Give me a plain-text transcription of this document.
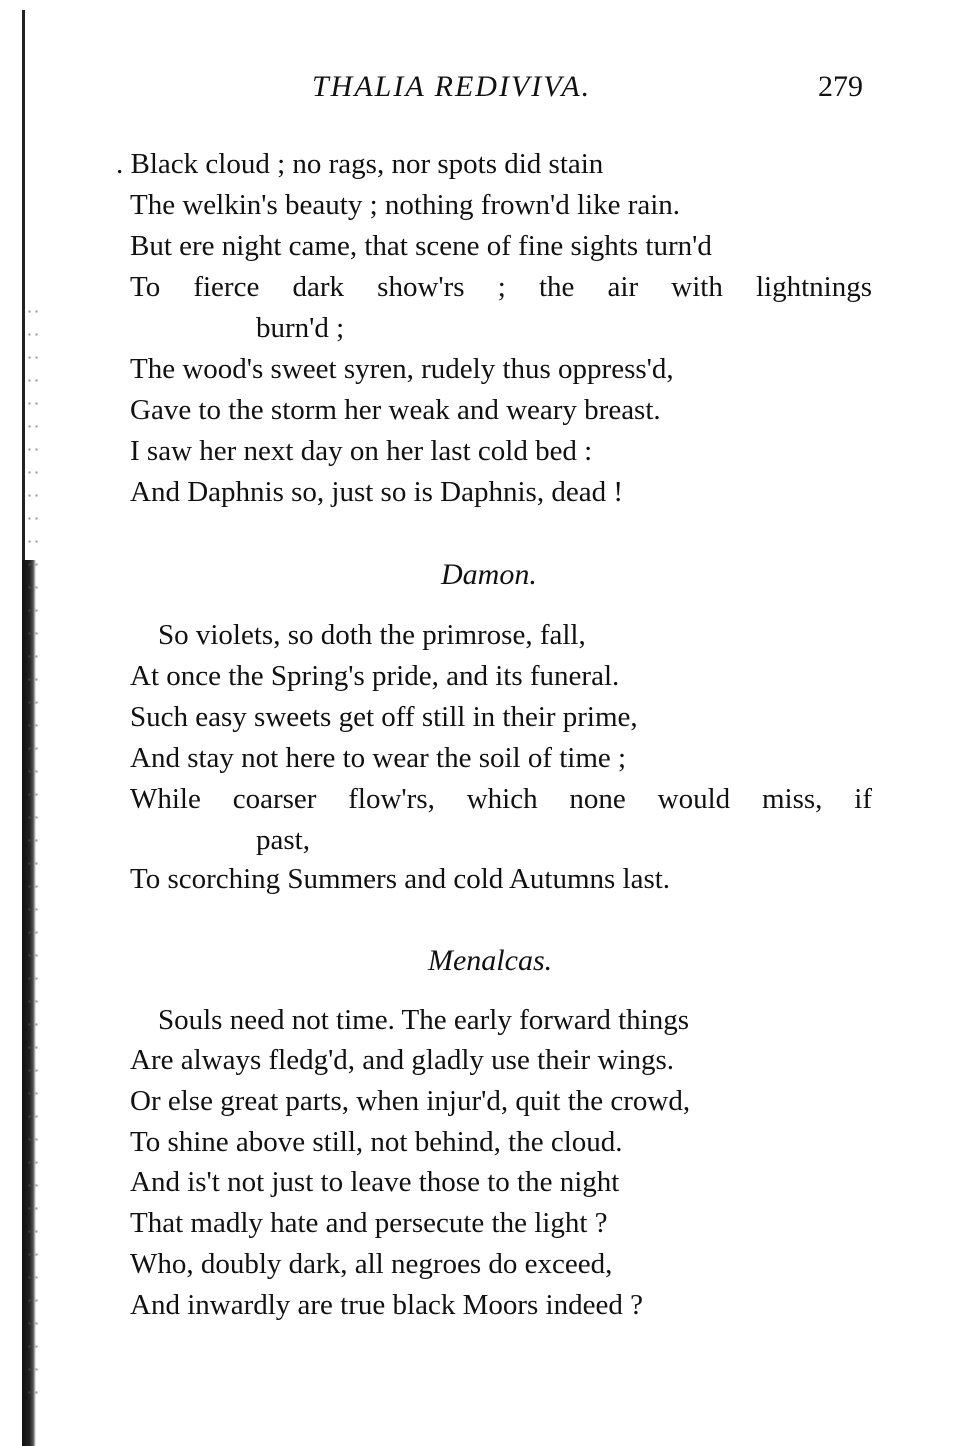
THALIA REDIVIVA.	279
. Black cloud ; no rags, nor spots did stain
The welkin's beauty ; nothing frown'd like rain.
But ere night came, that scene of fine sights turn'd
To fierce dark show'rs ; the air with lightnings
burn'd ;
The wood's sweet syren, rudely thus oppress'd,
Gave to the storm her weak and weary breast.
I saw her next day on her last cold bed :
And Daphnis so, just so is Daphnis, dead !
Damon.
So violets, so doth the primrose, fall,
At once the Spring's pride, and its funeral.
Such easy sweets get off still in their prime,
And stay not here to wear the soil of time ;
While coarser flow'rs, which none would miss, if
past,
To scorching Summers and cold Autumns last.
Menalcas.
Souls need not time. The early forward things
Are always fledg'd, and gladly use their wings.
Or else great parts, when injur'd, quit the crowd,
To shine above still, not behind, the cloud.
And is't not just to leave those to the night
That madly hate and persecute the light ?
Who, doubly dark, all negroes do exceed,
And inwardly are true black Moors indeed ?
